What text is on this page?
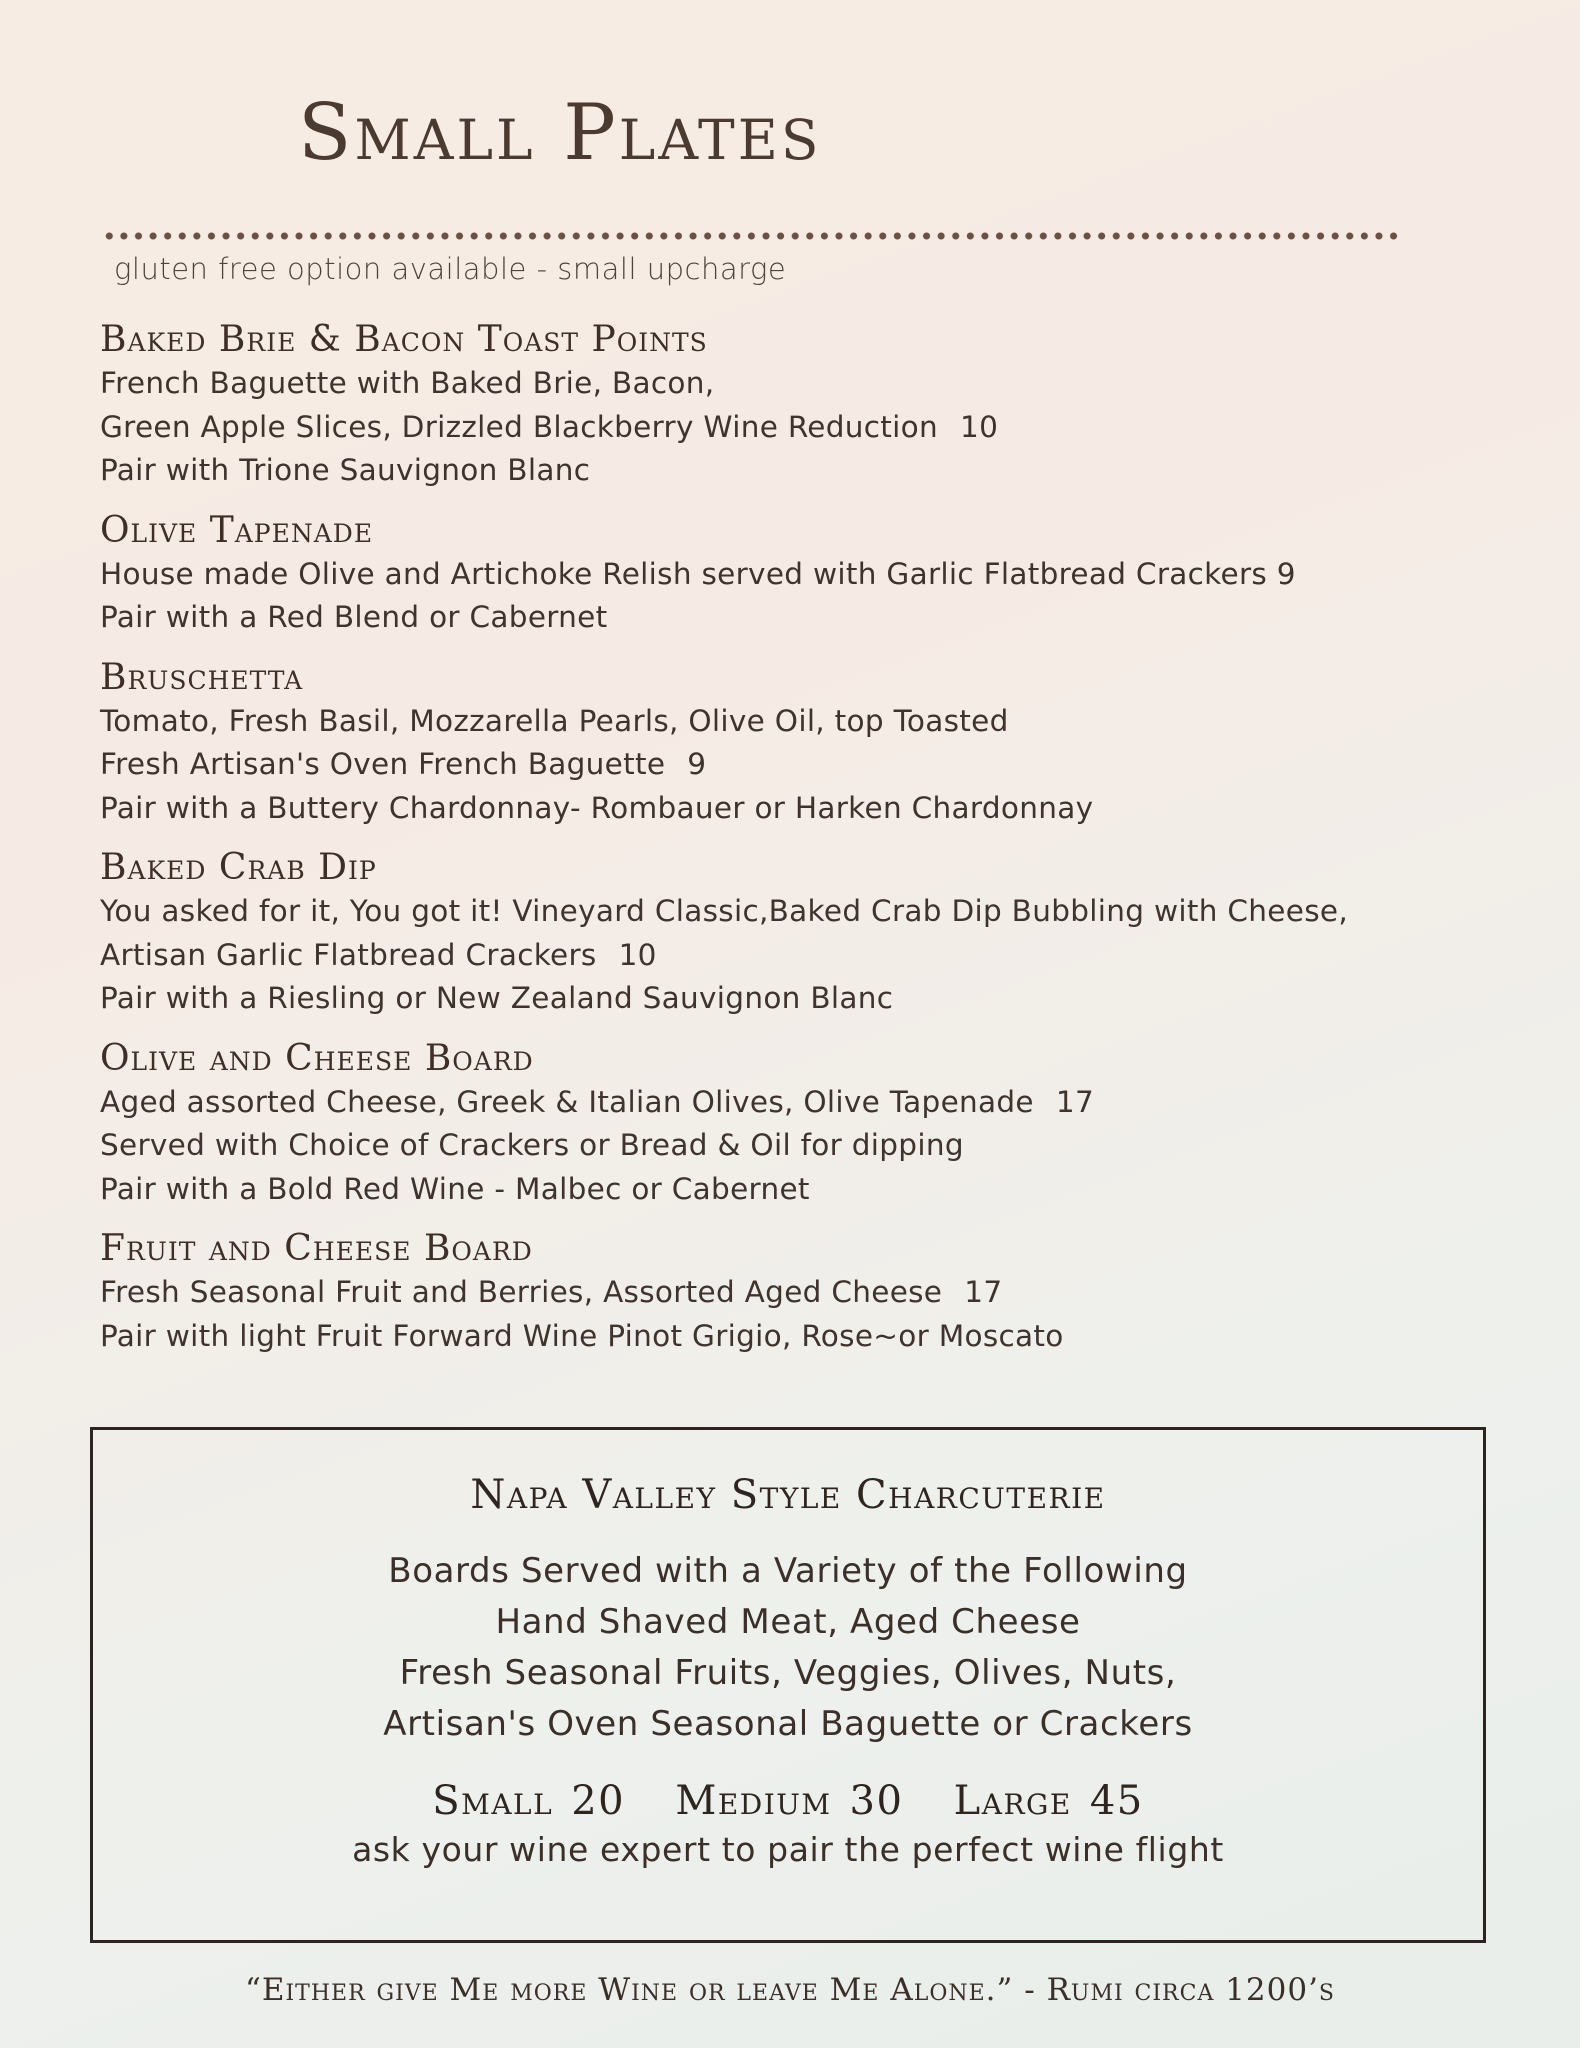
Small Plates
gluten free option available - small upcharge
Baked Brie & Bacon Toast Points
French Baguette with Baked Brie, Bacon,
Green Apple Slices, Drizzled Blackberry Wine Reduction 10
Pair with Trione Sauvignon Blanc
Olive Tapenade
House made Olive and Artichoke Relish served with Garlic Flatbread Crackers 9
Pair with a Red Blend or Cabernet
Bruschetta
Tomato, Fresh Basil, Mozzarella Pearls, Olive Oil, top Toasted
Fresh Artisan's Oven French Baguette 9
Pair with a Buttery Chardonnay- Rombauer or Harken Chardonnay
Baked Crab Dip
You asked for it, You got it! Vineyard Classic,Baked Crab Dip Bubbling with Cheese,
Artisan Garlic Flatbread Crackers 10
Pair with a Riesling or New Zealand Sauvignon Blanc
Olive and Cheese Board
Aged assorted Cheese, Greek & Italian Olives, Olive Tapenade 17
Served with Choice of Crackers or Bread & Oil for dipping
Pair with a Bold Red Wine - Malbec or Cabernet
Fruit and Cheese Board
Fresh Seasonal Fruit and Berries, Assorted Aged Cheese 17
Pair with light Fruit Forward Wine Pinot Grigio, Rose~or Moscato
Napa Valley Style Charcuterie
Boards Served with a Variety of the Following
Hand Shaved Meat, Aged Cheese
Fresh Seasonal Fruits, Veggies, Olives, Nuts,
Artisan's Oven Seasonal Baguette or Crackers
Small 20 Medium 30 Large 45
ask your wine expert to pair the perfect wine flight
“Either give Me more Wine or leave Me Alone.” - Rumi circa 1200’s
